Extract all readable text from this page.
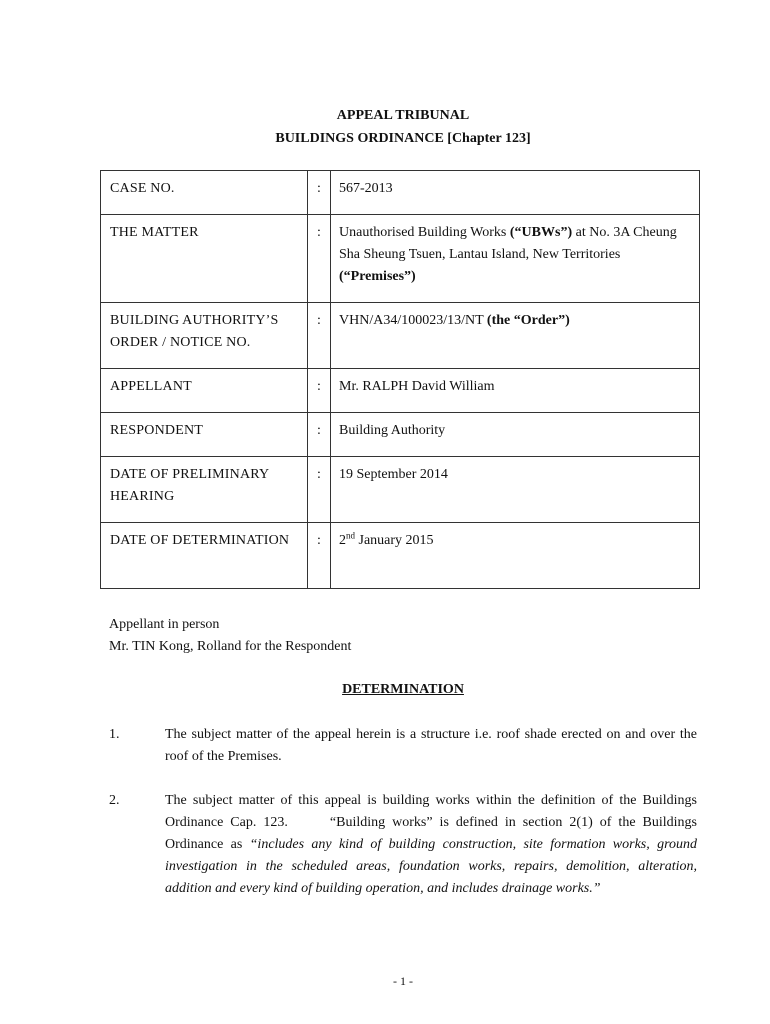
APPEAL TRIBUNAL
BUILDINGS ORDINANCE [Chapter 123]
CASE NO.	:	567-2013
THE MATTER	:	Unauthorised Building Works (“UBWs”) at No. 3A Cheung Sha Sheung Tsuen, Lantau Island, New Territories (“Premises”)
BUILDING AUTHORITY’S ORDER / NOTICE NO.	:	VHN/A34/100023/13/NT (the “Order”)
APPELLANT	:	Mr. RALPH David William
RESPONDENT	:	Building Authority
DATE OF PRELIMINARY HEARING	:	19 September 2014
DATE OF DETERMINATION	:	2nd January 2015
Appellant in person
Mr. TIN Kong, Rolland for the Respondent
DETERMINATION
1.	The subject matter of the appeal herein is a structure i.e. roof shade erected on and over the roof of the Premises.
2.	The subject matter of this appeal is building works within the definition of the Buildings Ordinance Cap. 123.      “Building works” is defined in section 2(1) of the Buildings Ordinance as “includes any kind of building construction, site formation works, ground investigation in the scheduled areas, foundation works, repairs, demolition, alteration, addition and every kind of building operation, and includes drainage works.”
- 1 -
